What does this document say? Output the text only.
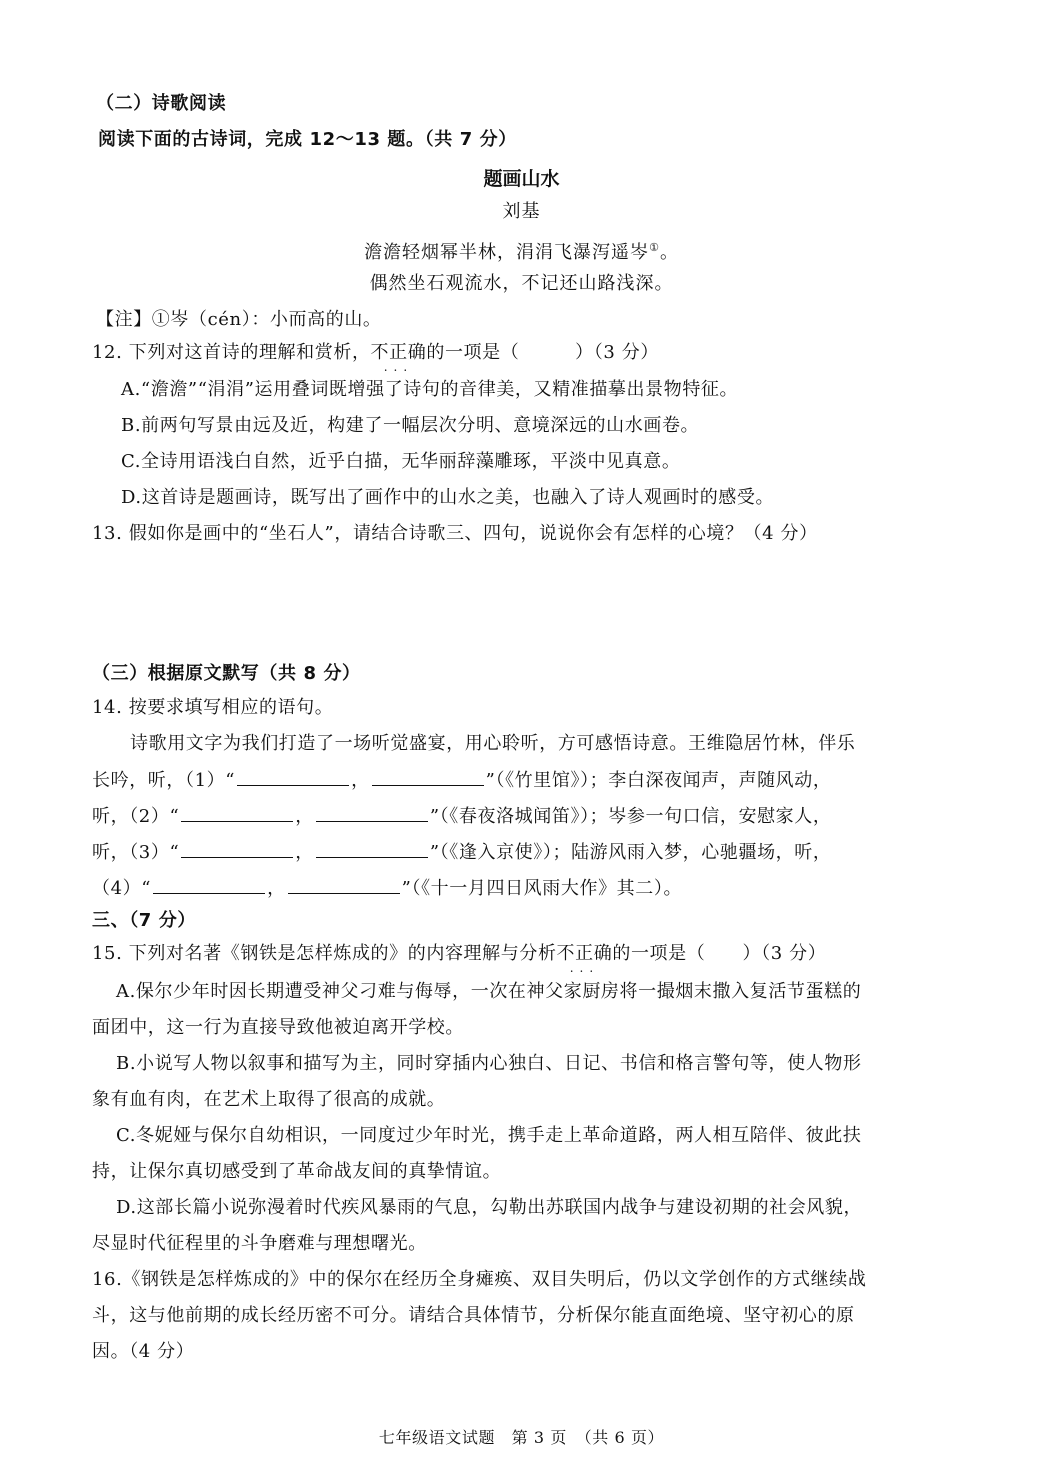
（二）诗歌阅读
阅读下面的古诗词，完成 12～13 题。（共 7 分）
题画山水
刘基
澹澹轻烟幂半林，涓涓飞瀑泻遥岑①。
偶然坐石观流水，不记还山路浅深。
【注】①岑（cén）：小而高的山。
12. 下列对这首诗的理解和赏析，不正确
...
的一项是（　　　）（3 分）
A.“澹澹”“涓涓”运用叠词既增强了诗句的音律美，又精准描摹出景物特征。
B.前两句写景由远及近，构建了一幅层次分明、意境深远的山水画卷。
C.全诗用语浅白自然，近乎白描，无华丽辞藻雕琢，平淡中见真意。
D.这首诗是题画诗，既写出了画作中的山水之美，也融入了诗人观画时的感受。
13. 假如你是画中的“坐石人”，请结合诗歌三、四句，说说你会有怎样的心境？（4 分）
（三）根据原文默写（共 8 分）
14. 按要求填写相应的语句。
诗歌用文字为我们打造了一场听觉盛宴，用心聆听，方可感悟诗意。王维隐居竹林，伴乐
长吟，听，（1）“	，	”（《竹里馆》）；李白深夜闻声，声随风动，
听，（2）“	，	”（《春夜洛城闻笛》）；岑参一句口信，安慰家人，
听，（3）“	，	”（《逢入京使》）；陆游风雨入梦，心驰疆场，听，
（4）“	，	”（《十一月四日风雨大作》其二）。
三、（7 分）
15. 下列对名著《钢铁是怎样炼成的》的内容理解与分析不正确
...
的一项是（　　）（3 分）
A.保尔少年时因长期遭受神父刁难与侮辱，一次在神父家厨房将一撮烟末撒入复活节蛋糕的
面团中，这一行为直接导致他被迫离开学校。
B.小说写人物以叙事和描写为主，同时穿插内心独白、日记、书信和格言警句等，使人物形
象有血有肉，在艺术上取得了很高的成就。
C.冬妮娅与保尔自幼相识，一同度过少年时光，携手走上革命道路，两人相互陪伴、彼此扶
持，让保尔真切感受到了革命战友间的真挚情谊。
D.这部长篇小说弥漫着时代疾风暴雨的气息，勾勒出苏联国内战争与建设初期的社会风貌，
尽显时代征程里的斗争磨难与理想曙光。
16.《钢铁是怎样炼成的》中的保尔在经历全身瘫痪、双目失明后，仍以文学创作的方式继续战
斗，这与他前期的成长经历密不可分。请结合具体情节，分析保尔能直面绝境、坚守初心的原
因。（4 分）
七年级语文试题　第 3 页　（共 6 页）
